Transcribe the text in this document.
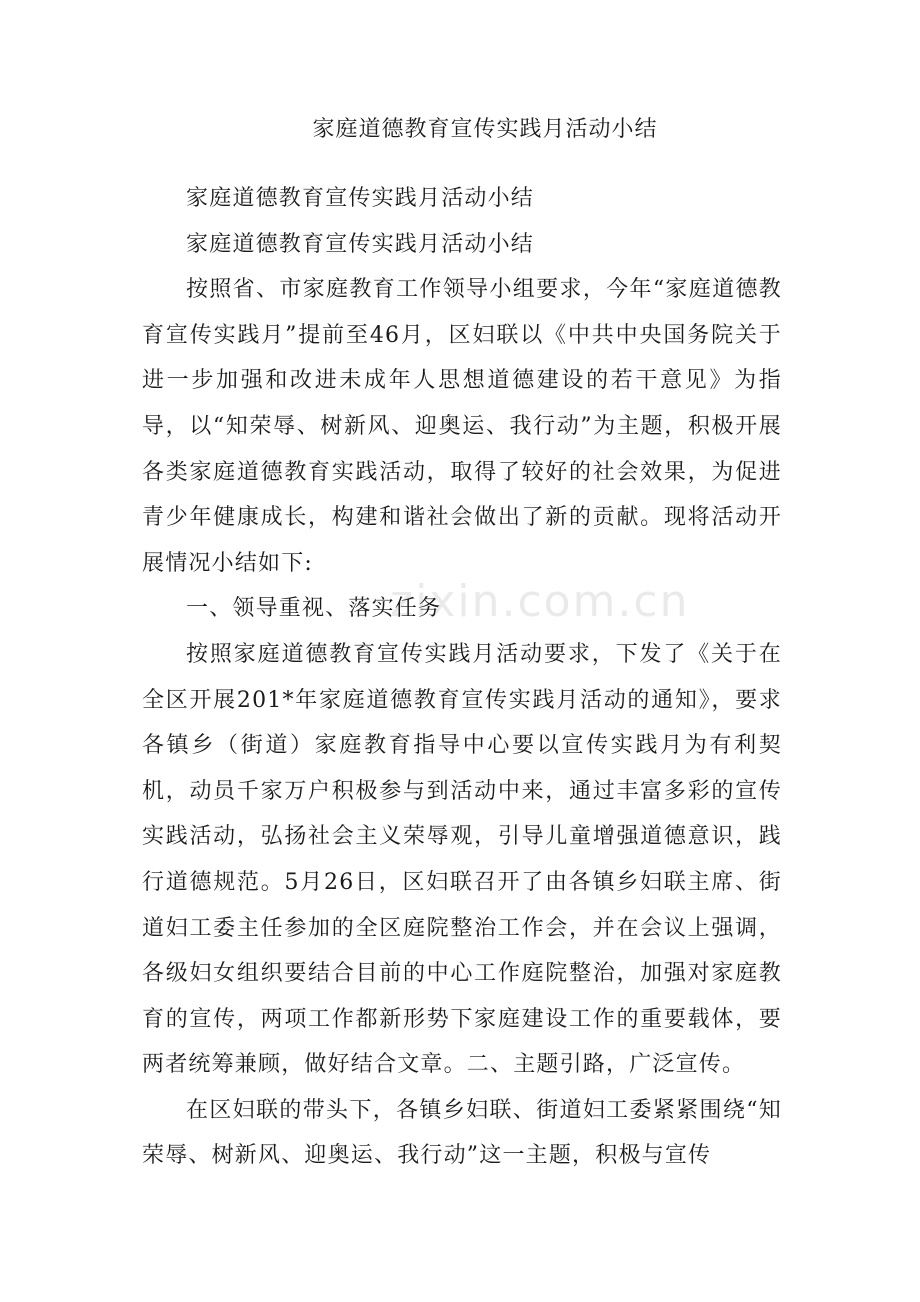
家庭道德教育宣传实践月活动小结
zixin.com.cn

家庭道德教育宣传实践月活动小结

家庭道德教育宣传实践月活动小结

按照省、市家庭教育工作领导小组要求，今年“家庭道德教育宣传实践月”提前至46月，区妇联以《中共中央国务院关于进一步加强和改进未成年人思想道德建设的若干意见》为指导，以“知荣辱、树新风、迎奥运、我行动”为主题，积极开展各类家庭道德教育实践活动，取得了较好的社会效果，为促进青少年健康成长，构建和谐社会做出了新的贡献。现将活动开展情况小结如下:

一、领导重视、落实任务

按照家庭道德教育宣传实践月活动要求，下发了《关于在全区开展201*年家庭道德教育宣传实践月活动的通知》，要求各镇乡（街道）家庭教育指导中心要以宣传实践月为有利契机，动员千家万户积极参与到活动中来，通过丰富多彩的宣传实践活动，弘扬社会主义荣辱观，引导儿童增强道德意识，践行道德规范。5月26日，区妇联召开了由各镇乡妇联主席、街道妇工委主任参加的全区庭院整治工作会，并在会议上强调，各级妇女组织要结合目前的中心工作庭院整治，加强对家庭教育的宣传，两项工作都新形势下家庭建设工作的重要载体，要两者统筹兼顾，做好结合文章。二、主题引路，广泛宣传。

在区妇联的带头下，各镇乡妇联、街道妇工委紧紧围绕“知荣辱、树新风、迎奥运、我行动”这一主题，积极与宣传
